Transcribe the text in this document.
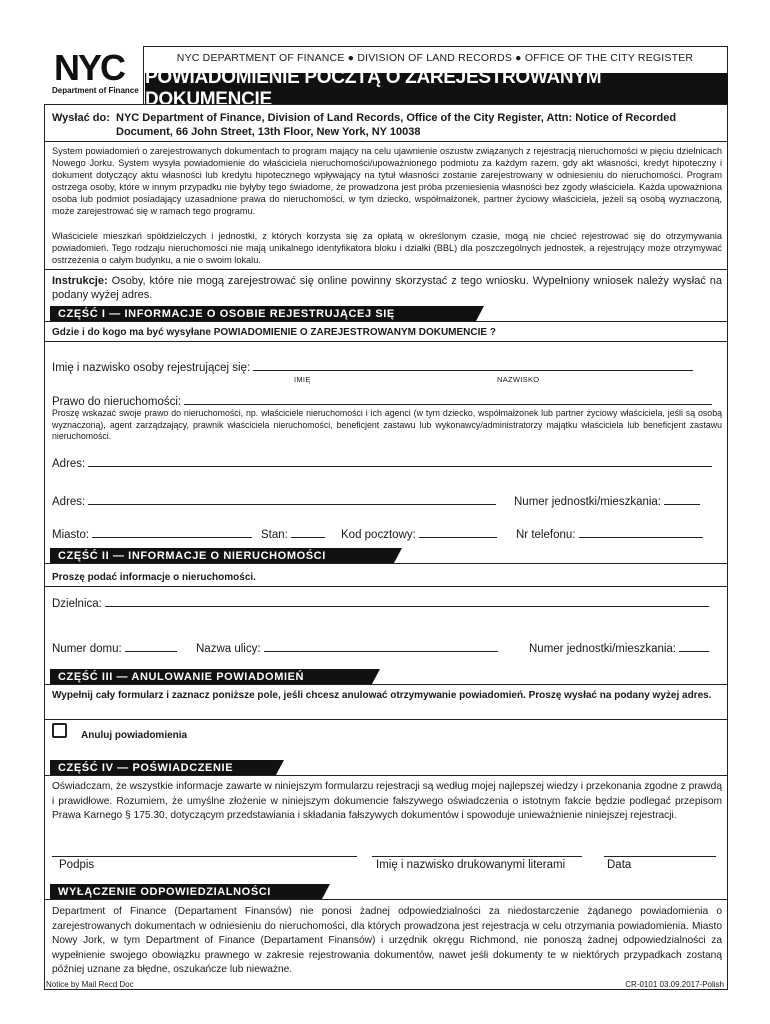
NYC
Department of Finance
NYC DEPARTMENT OF FINANCE ● DIVISION OF LAND RECORDS ● OFFICE OF THE CITY REGISTER
POWIADOMIENIE POCZTĄ O ZAREJESTROWANYM DOKUMENCIE
Wysłać do: NYC Department of Finance, Division of Land Records, Office of the City Register, Attn: Notice of Recorded
Document, 66 John Street, 13th Floor, New York, NY 10038
System powiadomień o zarejestrowanych dokumentach to program mający na celu ujawnienie oszustw związanych z rejestracją nieruchomości w pięciu dzielnicach Nowego Jorku. System wysyła powiadomienie do właściciela nieruchomości/upoważnionego podmiotu za każdym razem, gdy akt własności, kredyt hipoteczny i dokument dotyczący aktu własności lub kredytu hipotecznego wpływający na tytuł własności zostanie zarejestrowany w odniesieniu do nieruchomości. Program ostrzega osoby, które w innym przypadku nie byłyby tego świadome, że prowadzona jest próba przeniesienia własności bez zgody właściciela. Każda upoważniona osoba lub podmiot posiadający uzasadnione prawa do nieruchomości, w tym dziecko, współmałżonek, partner życiowy właściciela, jeżeli są osobą wyznaczoną, może zarejestrować się w ramach tego programu.
Właściciele mieszkań spółdzielczych i jednostki, z których korzysta się za opłatą w określonym czasie, mogą nie chcieć rejestrować się do otrzymywania powiadomień. Tego rodzaju nieruchomości nie mają unikalnego identyfikatora bloku i działki (BBL) dla poszczególnych jednostek, a rejestrujący może otrzymywać ostrzeżenia o całym budynku, a nie o swoim lokalu.
Instrukcje: Osoby, które nie mogą zarejestrować się online powinny skorzystać z tego wniosku. Wypełniony wniosek należy wysłać na podany wyżej adres.
CZĘŚĆ I — INFORMACJE O OSOBIE REJESTRUJĄCEJ SIĘ
Gdzie i do kogo ma być wysyłane POWIADOMIENIE O ZAREJESTROWANYM DOKUMENCIE ?
Imię i nazwisko osoby rejestrującej się:
IMIĘ	NAZWISKO
Prawo do nieruchomości:
Proszę wskazać swoje prawo do nieruchomości, np. właściciele nieruchomości i ich agenci (w tym dziecko, współmałżonek lub partner życiowy właściciela, jeśli są osobą wyznaczoną), agent zarządzający, prawnik właściciela nieruchomości, beneficjent zastawu lub wykonawcy/administratorzy majątku właściciela lub beneficjent zastawu nieruchomości.
Adres:
Adres:	Numer jednostki/mieszkania:
Miasto:	Stan:	Kod pocztowy:	Nr telefonu:
CZĘŚĆ II — INFORMACJE O NIERUCHOMOŚCI
Proszę podać informacje o nieruchomości.
Dzielnica:
Numer domu:	Nazwa ulicy:	Numer jednostki/mieszkania:
CZĘŚĆ III — ANULOWANIE POWIADOMIEŃ
Wypełnij cały formularz i zaznacz poniższe pole, jeśli chcesz anulować otrzymywanie powiadomień. Proszę wysłać na podany wyżej adres.
Anuluj powiadomienia
CZĘŚĆ IV — POŚWIADCZENIE
Oświadczam, że wszystkie informacje zawarte w niniejszym formularzu rejestracji są według mojej najlepszej wiedzy i przekonania zgodne z prawdą i prawidłowe. Rozumiem, że umyślne złożenie w niniejszym dokumencie fałszywego oświadczenia o istotnym fakcie będzie podlegać przepisom Prawa Karnego § 175.30, dotyczącym przedstawiania i składania fałszywych dokumentów i spowoduje unieważnienie niniejszej rejestracji.
Podpis	Imię i nazwisko drukowanymi literami	Data
WYŁĄCZENIE ODPOWIEDZIALNOŚCI
Department of Finance (Departament Finansów) nie ponosi żadnej odpowiedzialności za niedostarczenie żądanego powiadomienia o zarejestrowanych dokumentach w odniesieniu do nieruchomości, dla których prowadzona jest rejestracja w celu otrzymania powiadomienia. Miasto Nowy Jork, w tym Department of Finance (Departament Finansów) i urzędnik okręgu Richmond, nie ponoszą żadnej odpowiedzialności za wypełnienie swojego obowiązku prawnego w zakresie rejestrowania dokumentów, nawet jeśli dokumenty te w niektórych przypadkach zostaną później uznane za błędne, oszukańcze lub nieważne.
Notice by Mail Recd Doc	CR-0101 03.09.2017-Polish
